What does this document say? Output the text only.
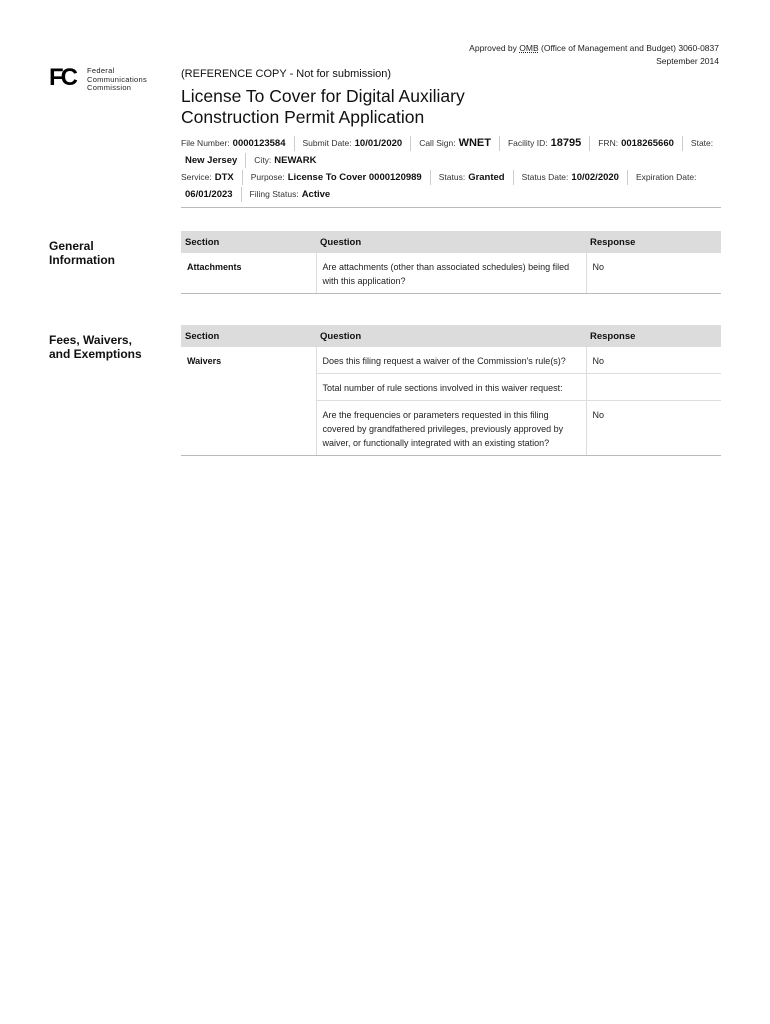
Approved by OMB (Office of Management and Budget) 3060-0837
September 2014
FC	Federal
Communications
Commission
(REFERENCE COPY - Not for submission)
License To Cover for Digital Auxiliary
Construction Permit Application
File Number: 0000123584 Submit Date: 10/01/2020 Call Sign: WNET Facility ID: 18795 FRN: 0018265660 State:
New Jersey City: NEWARK
Service: DTX Purpose: License To Cover 0000120989 Status: Granted Status Date: 10/02/2020 Expiration Date:
06/01/2023 Filing Status: Active
General
Information
Section	Question	Response
Attachments	Are attachments (other than associated schedules) being filed with this application?	No
Fees, Waivers,
and Exemptions
Section	Question	Response
Waivers	Does this filing request a waiver of the Commission's rule(s)?	No
	Total number of rule sections involved in this waiver request:	
	Are the frequencies or parameters requested in this filing covered by grandfathered privileges, previously approved by waiver, or functionally integrated with an existing station?	No
